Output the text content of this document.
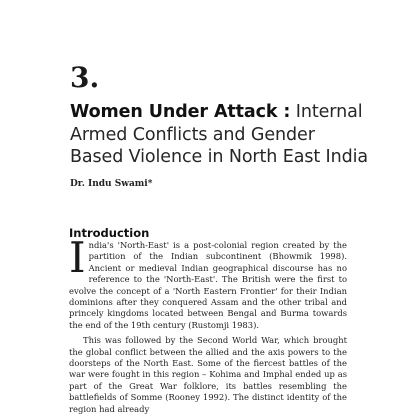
3.
Women Under Attack : Internal Armed Conflicts and Gender Based Violence in North East India
Dr. Indu Swami*
Introduction

India's 'North-East' is a post-colonial region created by the partition of the Indian subcontinent (Bhowmik 1998). Ancient or medieval Indian geographical discourse has no reference to the 'North-East'. The British were the first to evolve the concept of a 'North Eastern Frontier' for their Indian dominions after they conquered Assam and the other tribal and princely kingdoms located between Bengal and Burma towards the end of the 19th century (Rustomji 1983).

This was followed by the Second World War, which brought the global conflict between the allied and the axis powers to the doorsteps of the North East. Some of the fiercest battles of the war were fought in this region – Kohima and Imphal ended up as part of the Great War folklore, its battles resembling the battlefields of Somme (Rooney 1992). The distinct identity of the region had already
